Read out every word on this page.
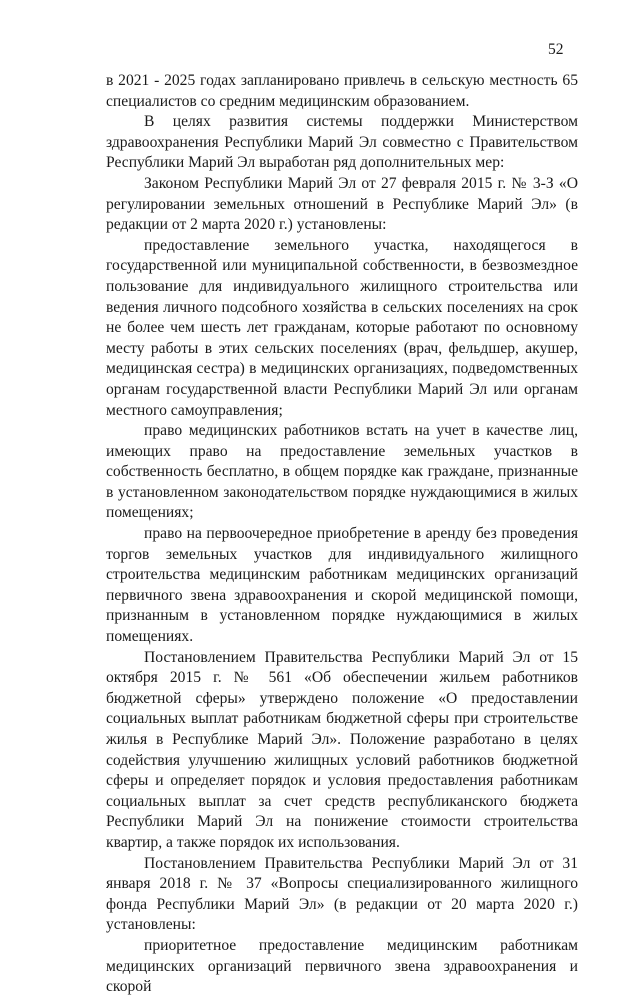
52

в 2021 - 2025 годах запланировано привлечь в сельскую местность 65 специалистов со средним медицинским образованием.

В целях развития системы поддержки Министерством здравоохранения Республики Марий Эл совместно с Правительством Республики Марий Эл выработан ряд дополнительных мер:

Законом Республики Марий Эл от 27 февраля 2015 г. № 3-З «О регулировании земельных отношений в Республике Марий Эл» (в редакции от 2 марта 2020 г.) установлены:

предоставление земельного участка, находящегося в государственной или муниципальной собственности, в безвозмездное пользование для индивидуального жилищного строительства или ведения личного подсобного хозяйства в сельских поселениях на срок не более чем шесть лет гражданам, которые работают по основному месту работы в этих сельских поселениях (врач, фельдшер, акушер, медицинская сестра) в медицинских организациях, подведомственных органам государственной власти Республики Марий Эл или органам местного самоуправления;

право медицинских работников встать на учет в качестве лиц, имеющих право на предоставление земельных участков в собственность бесплатно, в общем порядке как граждане, признанные в установленном законодательством порядке нуждающимися в жилых помещениях;

право на первоочередное приобретение в аренду без проведения торгов земельных участков для индивидуального жилищного строительства медицинским работникам медицинских организаций первичного звена здравоохранения и скорой медицинской помощи, признанным в установленном порядке нуждающимися в жилых помещениях.

Постановлением Правительства Республики Марий Эл от 15 октября 2015 г. № 561 «Об обеспечении жильем работников бюджетной сферы» утверждено положение «О предоставлении социальных выплат работникам бюджетной сферы при строительстве жилья в Республике Марий Эл». Положение разработано в целях содействия улучшению жилищных условий работников бюджетной сферы и определяет порядок и условия предоставления работникам социальных выплат за счет средств республиканского бюджета Республики Марий Эл на понижение стоимости строительства квартир, а также порядок их использования.

Постановлением Правительства Республики Марий Эл от 31 января 2018 г. № 37 «Вопросы специализированного жилищного фонда Республики Марий Эл» (в редакции от 20 марта 2020 г.) установлены:

приоритетное предоставление медицинским работникам медицинских организаций первичного звена здравоохранения и скорой
